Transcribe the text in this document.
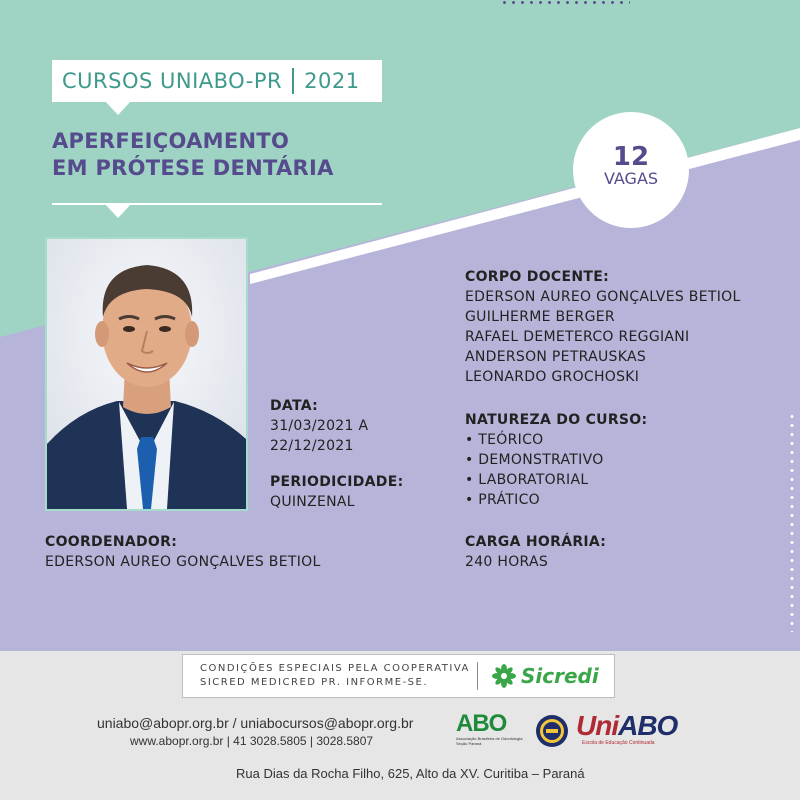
CURSOS UNIABO-PR 2021
APERFEIÇOAMENTO
EM PRÓTESE DENTÁRIA	12
VAGAS
DATA:
31/03/2021 A
22/12/2021
PERIODICIDADE:
QUINZENAL
COORDENADOR:
EDERSON AUREO GONÇALVES BETIOL
CORPO DOCENTE:
EDERSON AUREO GONÇALVES BETIOL
GUILHERME BERGER
RAFAEL DEMETERCO REGGIANI
ANDERSON PETRAUSKAS
LEONARDO GROCHOSKI
NATUREZA DO CURSO:
• TEÓRICO
• DEMONSTRATIVO
• LABORATORIAL
• PRÁTICO
CARGA HORÁRIA:
240 HORAS
CONDIÇÕES ESPECIAIS PELA COOPERATIVA
SICRED MEDICRED PR. INFORME-SE.	Sicredi
uniabo@abopr.org.br / uniabocursos@abopr.org.br
www.abopr.org.br | 41 3028.5805 | 3028.5807
Rua Dias da Rocha Filho, 625, Alto da XV. Curitiba – Paraná
ABO
Associação Brasileira de Odontologia
Seção Paraná
UniABO
Escola de Educação Continuada
